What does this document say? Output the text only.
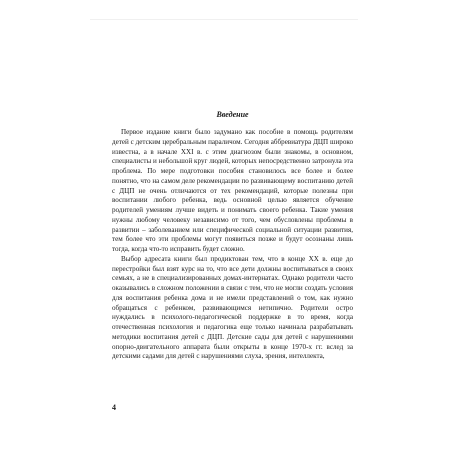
Введение

Первое издание книги было задумано как пособие в помощь родителям детей с детским церебральным параличом. Сегодня аббревиатура ДЦП широко известна, а в начале XXI в. с этим диагнозом были знакомы, в основном, специалисты и небольшой круг людей, которых непосредственно затронула эта проблема. По мере подготовки пособия становилось все более и более понятно, что на самом деле рекомендации по развивающему воспитанию детей с ДЦП не очень отличаются от тех рекомендаций, которые полезны при воспитании любого ребенка, ведь основной целью является обучение родителей умениям лучше видеть и понимать своего ребенка. Такие умения нужны любому человеку независимо от того, чем обусловлены проблемы в развитии – заболеванием или специфической социальной ситуации развития, тем более что эти проблемы могут появиться позже и будут осознаны лишь тогда, когда что-то исправить будет сложно.

Выбор адресата книги был продиктован тем, что в конце XX в. еще до перестройки был взят курс на то, что все дети должны воспитываться в своих семьях, а не в специализированных домах-интернатах. Однако родители часто оказывались в сложном положении в связи с тем, что не могли создать условия для воспитания ребенка дома и не имели представлений о том, как нужно обращаться с ребенком, развивающимся нетипично. Родители остро нуждались в психолого-педагогической поддержке в то время, когда отечественная психология и педагогика еще только начинала разрабатывать методики воспитания детей с ДЦП. Детские сады для детей с нарушениями опорно-двигательного аппарата были открыты в конце 1970-х гг. вслед за детскими садами для детей с нарушениями слуха, зрения, интеллекта,

4
